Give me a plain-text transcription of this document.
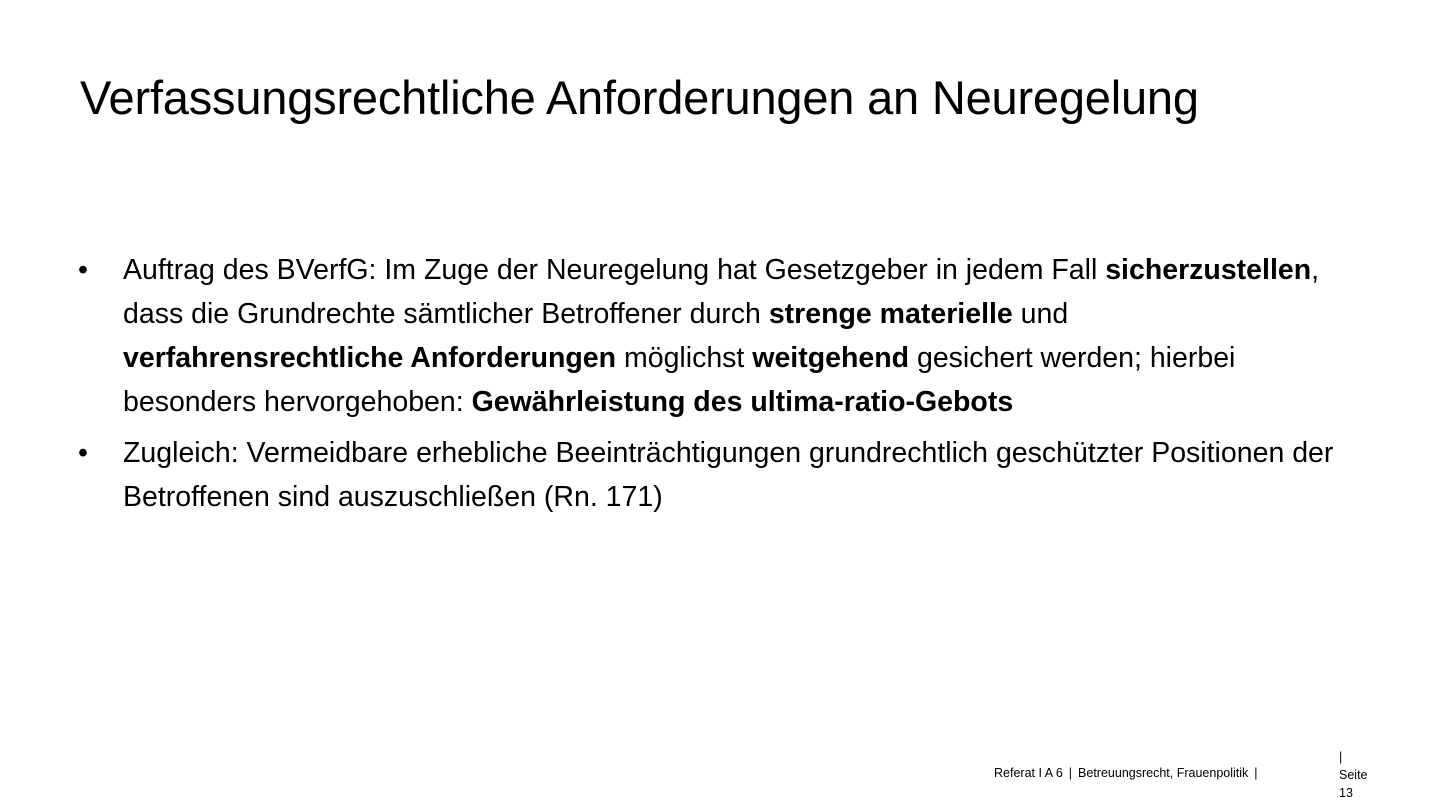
Verfassungsrechtliche Anforderungen an Neuregelung
•	Auftrag des BVerfG: Im Zuge der Neuregelung hat Gesetzgeber in jedem Fall sicherzustellen, dass die Grundrechte sämtlicher Betroffener durch strenge materielle und verfahrensrechtliche Anforderungen möglichst weitgehend gesichert werden; hierbei besonders hervorgehoben: Gewährleistung des ultima-ratio-Gebots
•	Zugleich: Vermeidbare erhebliche Beeinträchtigungen grundrechtlich geschützter Positionen der Betroffenen sind auszuschließen (Rn. 171)
Referat I A 6 | Betreuungsrecht, Frauenpolitik |
|
Seite
13
